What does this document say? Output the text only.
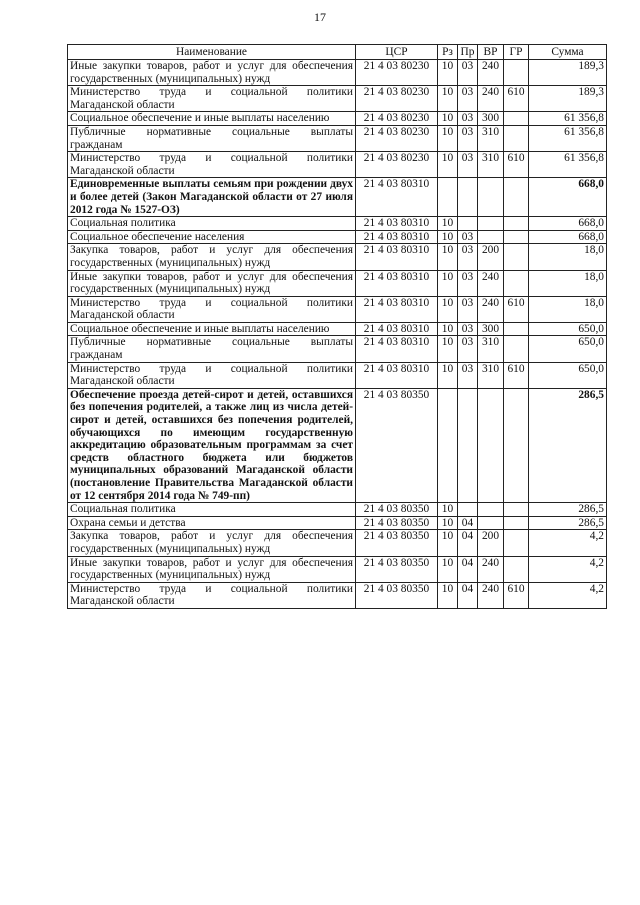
17
Наименование	ЦСР	Рз	Пр	ВР	ГР	Сумма
Иные закупки товаров, работ и услуг для обеспечения государственных (муниципальных) нужд	21 4 03 80230	10	03	240		189,3
Министерство труда и социальной политики Магаданской области	21 4 03 80230	10	03	240	610	189,3
Социальное обеспечение и иные выплаты населению	21 4 03 80230	10	03	300		61 356,8
Публичные нормативные социальные выплаты гражданам	21 4 03 80230	10	03	310		61 356,8
Министерство труда и социальной политики Магаданской области	21 4 03 80230	10	03	310	610	61 356,8
Единовременные выплаты семьям при рождении двух и более детей (Закон Магаданской области от 27 июля 2012 года № 1527-ОЗ)	21 4 03 80310					668,0
Социальная политика	21 4 03 80310	10				668,0
Социальное обеспечение населения	21 4 03 80310	10	03			668,0
Закупка товаров, работ и услуг для обеспечения государственных (муниципальных) нужд	21 4 03 80310	10	03	200		18,0
Иные закупки товаров, работ и услуг для обеспечения государственных (муниципальных) нужд	21 4 03 80310	10	03	240		18,0
Министерство труда и социальной политики Магаданской области	21 4 03 80310	10	03	240	610	18,0
Социальное обеспечение и иные выплаты населению	21 4 03 80310	10	03	300		650,0
Публичные нормативные социальные выплаты гражданам	21 4 03 80310	10	03	310		650,0
Министерство труда и социальной политики Магаданской области	21 4 03 80310	10	03	310	610	650,0
Обеспечение проезда детей-сирот и детей, оставшихся без попечения родителей, а также лиц из числа детей-сирот и детей, оставшихся без попечения родителей, обучающихся по имеющим государственную аккредитацию образовательным программам за счет средств областного бюджета или бюджетов муниципальных образований Магаданской области (постановление Правительства Магаданской области от 12 сентября 2014 года № 749-пп)	21 4 03 80350					286,5
Социальная политика	21 4 03 80350	10				286,5
Охрана семьи и детства	21 4 03 80350	10	04			286,5
Закупка товаров, работ и услуг для обеспечения государственных (муниципальных) нужд	21 4 03 80350	10	04	200		4,2
Иные закупки товаров, работ и услуг для обеспечения государственных (муниципальных) нужд	21 4 03 80350	10	04	240		4,2
Министерство труда и социальной политики Магаданской области	21 4 03 80350	10	04	240	610	4,2
